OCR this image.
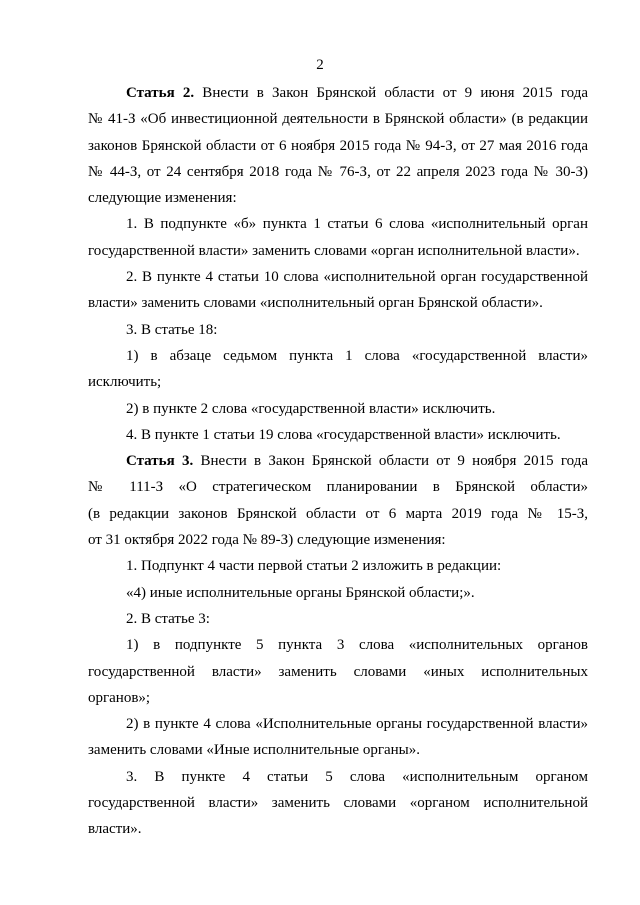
2
Статья 2. Внести в Закон Брянской области от 9 июня 2015 года
№ 41-З «Об инвестиционной деятельности в Брянской области» (в редакции
законов Брянской области от 6 ноября 2015 года № 94-З, от 27 мая 2016 года
№ 44-З, от 24 сентября 2018 года № 76-З, от 22 апреля 2023 года № 30-З)
следующие изменения:
1. В подпункте «б» пункта 1 статьи 6 слова «исполнительный орган
государственной власти» заменить словами «орган исполнительной власти».
2. В пункте 4 статьи 10 слова «исполнительной орган государственной
власти» заменить словами «исполнительный орган Брянской области».
3. В статье 18:
1) в абзаце седьмом пункта 1 слова «государственной власти»
исключить;
2) в пункте 2 слова «государственной власти» исключить.
4. В пункте 1 статьи 19 слова «государственной власти» исключить.
Статья 3. Внести в Закон Брянской области от 9 ноября 2015 года
№ 111-З «О стратегическом планировании в Брянской области»
(в редакции законов Брянской области от 6 марта 2019 года № 15-З,
от 31 октября 2022 года № 89-З) следующие изменения:
1. Подпункт 4 части первой статьи 2 изложить в редакции:
«4) иные исполнительные органы Брянской области;».
2. В статье 3:
1) в подпункте 5 пункта 3 слова «исполнительных органов
государственной власти» заменить словами «иных исполнительных
органов»;
2) в пункте 4 слова «Исполнительные органы государственной власти»
заменить словами «Иные исполнительные органы».
3. В пункте 4 статьи 5 слова «исполнительным органом
государственной власти» заменить словами «органом исполнительной
власти».
